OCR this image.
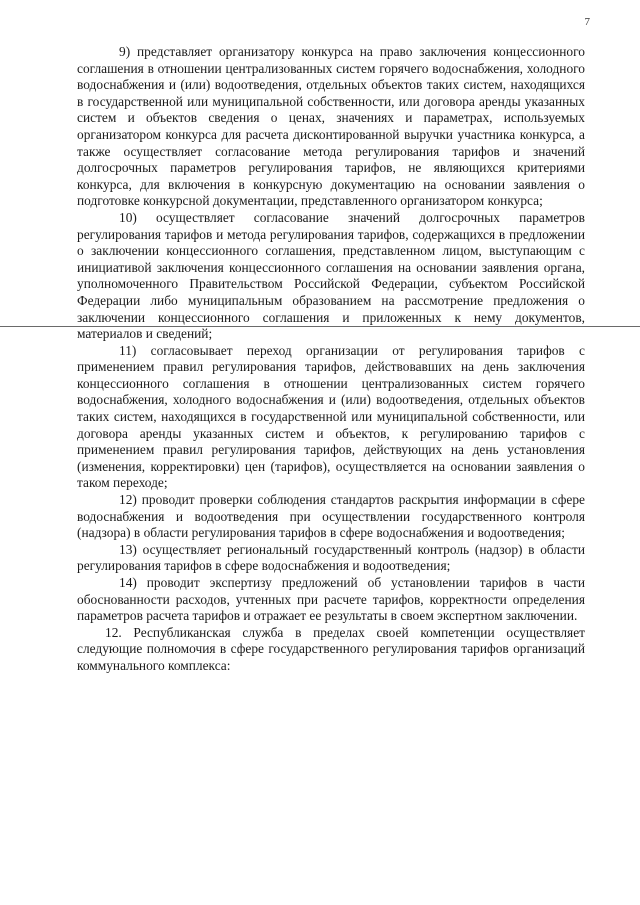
7

9) представляет организатору конкурса на право заключения концессионного соглашения в отношении централизованных систем горячего водоснабжения, холодного водоснабжения и (или) водоотведения, отдельных объектов таких систем, находящихся в государственной или муниципальной собственности, или договора аренды указанных систем и объектов сведения о ценах, значениях и параметрах, используемых организатором конкурса для расчета дисконтированной выручки участника конкурса, а также осуществляет согласование метода регулирования тарифов и значений долгосрочных параметров регулирования тарифов, не являющихся критериями конкурса, для включения в конкурсную документацию на основании заявления о подготовке конкурсной документации, представленного организатором конкурса;

10) осуществляет согласование значений долгосрочных параметров регулирования тарифов и метода регулирования тарифов, содержащихся в предложении о заключении концессионного соглашения, представленном лицом, выступающим с инициативой заключения концессионного соглашения на основании заявления органа, уполномоченного Правительством Российской Федерации, субъектом Российской Федерации либо муниципальным образованием на рассмотрение предложения о заключении концессионного соглашения и приложенных к нему документов, материалов и сведений;

11) согласовывает переход организации от регулирования тарифов с применением правил регулирования тарифов, действовавших на день заключения концессионного соглашения в отношении централизованных систем горячего водоснабжения, холодного водоснабжения и (или) водоотведения, отдельных объектов таких систем, находящихся в государственной или муниципальной собственности, или договора аренды указанных систем и объектов, к регулированию тарифов с применением правил регулирования тарифов, действующих на день установления (изменения, корректировки) цен (тарифов), осуществляется на основании заявления о таком переходе;

12) проводит проверки соблюдения стандартов раскрытия информации в сфере водоснабжения и водоотведения при осуществлении государственного контроля (надзора) в области регулирования тарифов в сфере водоснабжения и водоотведения;

13) осуществляет региональный государственный контроль (надзор) в области регулирования тарифов в сфере водоснабжения и водоотведения;

14) проводит экспертизу предложений об установлении тарифов в части обоснованности расходов, учтенных при расчете тарифов, корректности определения параметров расчета тарифов и отражает ее результаты в своем экспертном заключении.

12. Республиканская служба в пределах своей компетенции осуществляет следующие полномочия в сфере государственного регулирования тарифов организаций коммунального комплекса:
